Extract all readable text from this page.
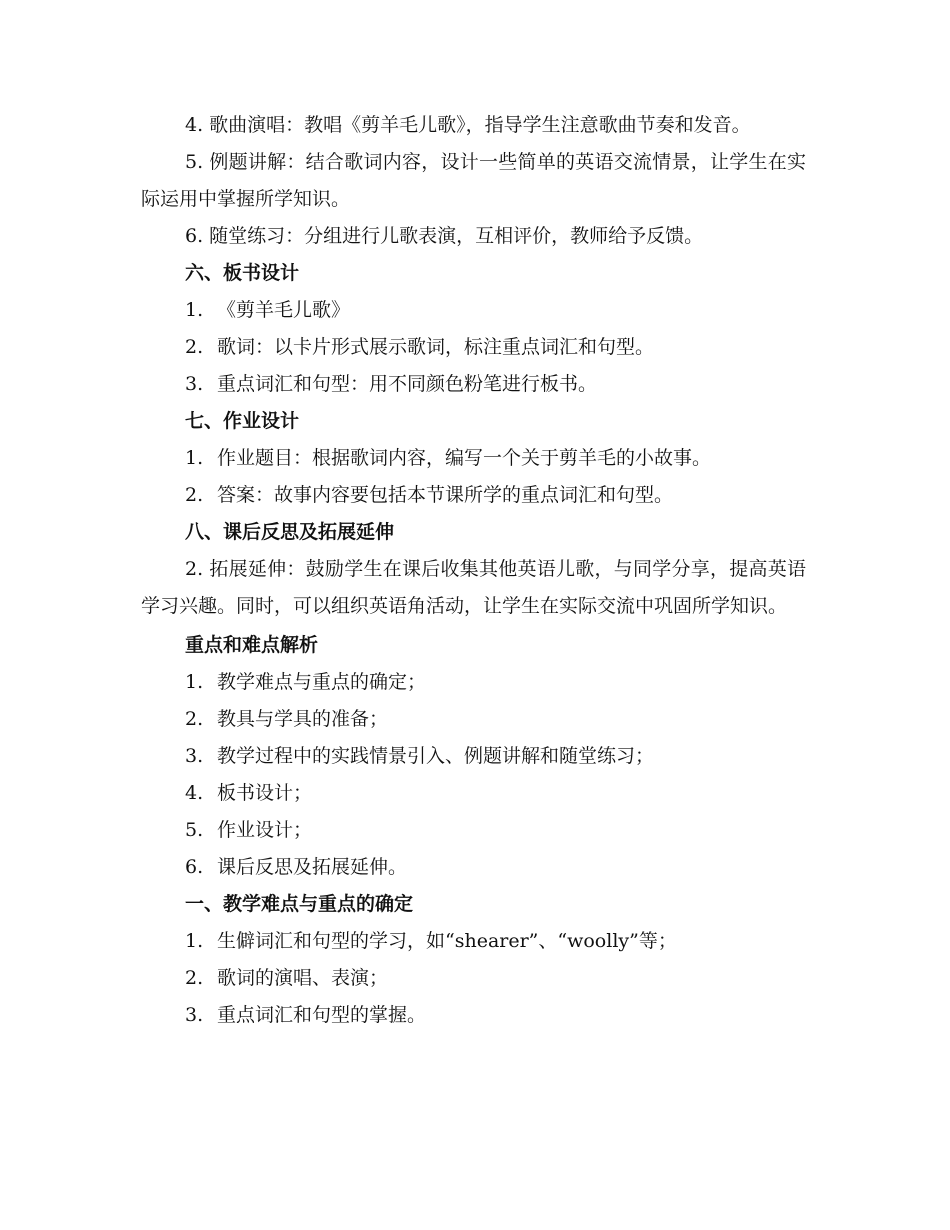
4. 歌曲演唱：教唱《剪羊毛儿歌》，指导学生注意歌曲节奏和发音。

5. 例题讲解：结合歌词内容，设计一些简单的英语交流情景，让学生在实际运用中掌握所学知识。

6. 随堂练习：分组进行儿歌表演，互相评价，教师给予反馈。

六、板书设计

1. 《剪羊毛儿歌》

2. 歌词：以卡片形式展示歌词，标注重点词汇和句型。

3. 重点词汇和句型：用不同颜色粉笔进行板书。

七、作业设计

1. 作业题目：根据歌词内容，编写一个关于剪羊毛的小故事。

2. 答案：故事内容要包括本节课所学的重点词汇和句型。

八、课后反思及拓展延伸

2. 拓展延伸：鼓励学生在课后收集其他英语儿歌，与同学分享，提高英语学习兴趣。同时，可以组织英语角活动，让学生在实际交流中巩固所学知识。

重点和难点解析

1. 教学难点与重点的确定；

2. 教具与学具的准备；

3. 教学过程中的实践情景引入、例题讲解和随堂练习；

4. 板书设计；

5. 作业设计；

6. 课后反思及拓展延伸。

一、教学难点与重点的确定

1. 生僻词汇和句型的学习，如“shearer”、“woolly”等；

2. 歌词的演唱、表演；

3. 重点词汇和句型的掌握。
